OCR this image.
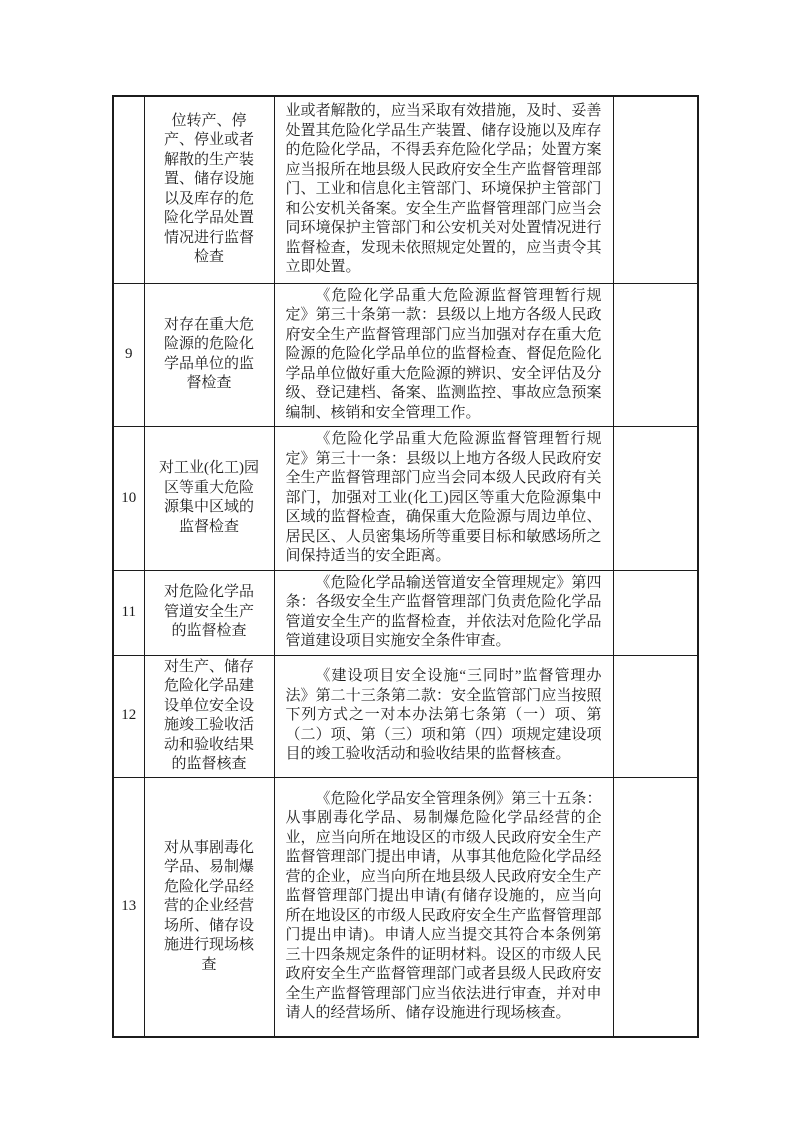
	位转产、停产、停业或者解散的生产装置、储存设施以及库存的危险化学品处置情况进行监督检查	业或者解散的，应当采取有效措施，及时、妥善处置其危险化学品生产装置、储存设施以及库存的危险化学品，不得丢弃危险化学品；处置方案应当报所在地县级人民政府安全生产监督管理部门、工业和信息化主管部门、环境保护主管部门和公安机关备案。安全生产监督管理部门应当会同环境保护主管部门和公安机关对处置情况进行监督检查，发现未依照规定处置的，应当责令其立即处置。	

9	对存在重大危险源的危险化学品单位的监督检查	《危险化学品重大危险源监督管理暂行规定》第三十条第一款：县级以上地方各级人民政府安全生产监督管理部门应当加强对存在重大危险源的危险化学品单位的监督检查、督促危险化学品单位做好重大危险源的辨识、安全评估及分级、登记建档、备案、监测监控、事故应急预案编制、核销和安全管理工作。	

10	对工业(化工)园区等重大危险源集中区域的监督检查	《危险化学品重大危险源监督管理暂行规定》第三十一条：县级以上地方各级人民政府安全生产监督管理部门应当会同本级人民政府有关部门，加强对工业(化工)园区等重大危险源集中区域的监督检查，确保重大危险源与周边单位、居民区、人员密集场所等重要目标和敏感场所之间保持适当的安全距离。	

11	对危险化学品管道安全生产的监督检查	《危险化学品输送管道安全管理规定》第四条：各级安全生产监督管理部门负责危险化学品管道安全生产的监督检查，并依法对危险化学品管道建设项目实施安全条件审查。	

12	对生产、储存危险化学品建设单位安全设施竣工验收活动和验收结果的监督核查	《建设项目安全设施“三同时”监督管理办法》第二十三条第二款：安全监管部门应当按照下列方式之一对本办法第七条第（一）项、第（二）项、第（三）项和第（四）项规定建设项目的竣工验收活动和验收结果的监督核查。	

13	对从事剧毒化学品、易制爆危险化学品经营的企业经营场所、储存设施进行现场核查	《危险化学品安全管理条例》第三十五条：从事剧毒化学品、易制爆危险化学品经营的企业，应当向所在地设区的市级人民政府安全生产监督管理部门提出申请，从事其他危险化学品经营的企业，应当向所在地县级人民政府安全生产监督管理部门提出申请(有储存设施的，应当向所在地设区的市级人民政府安全生产监督管理部门提出申请)。申请人应当提交其符合本条例第三十四条规定条件的证明材料。设区的市级人民政府安全生产监督管理部门或者县级人民政府安全生产监督管理部门应当依法进行审查，并对申请人的经营场所、储存设施进行现场核查。	
